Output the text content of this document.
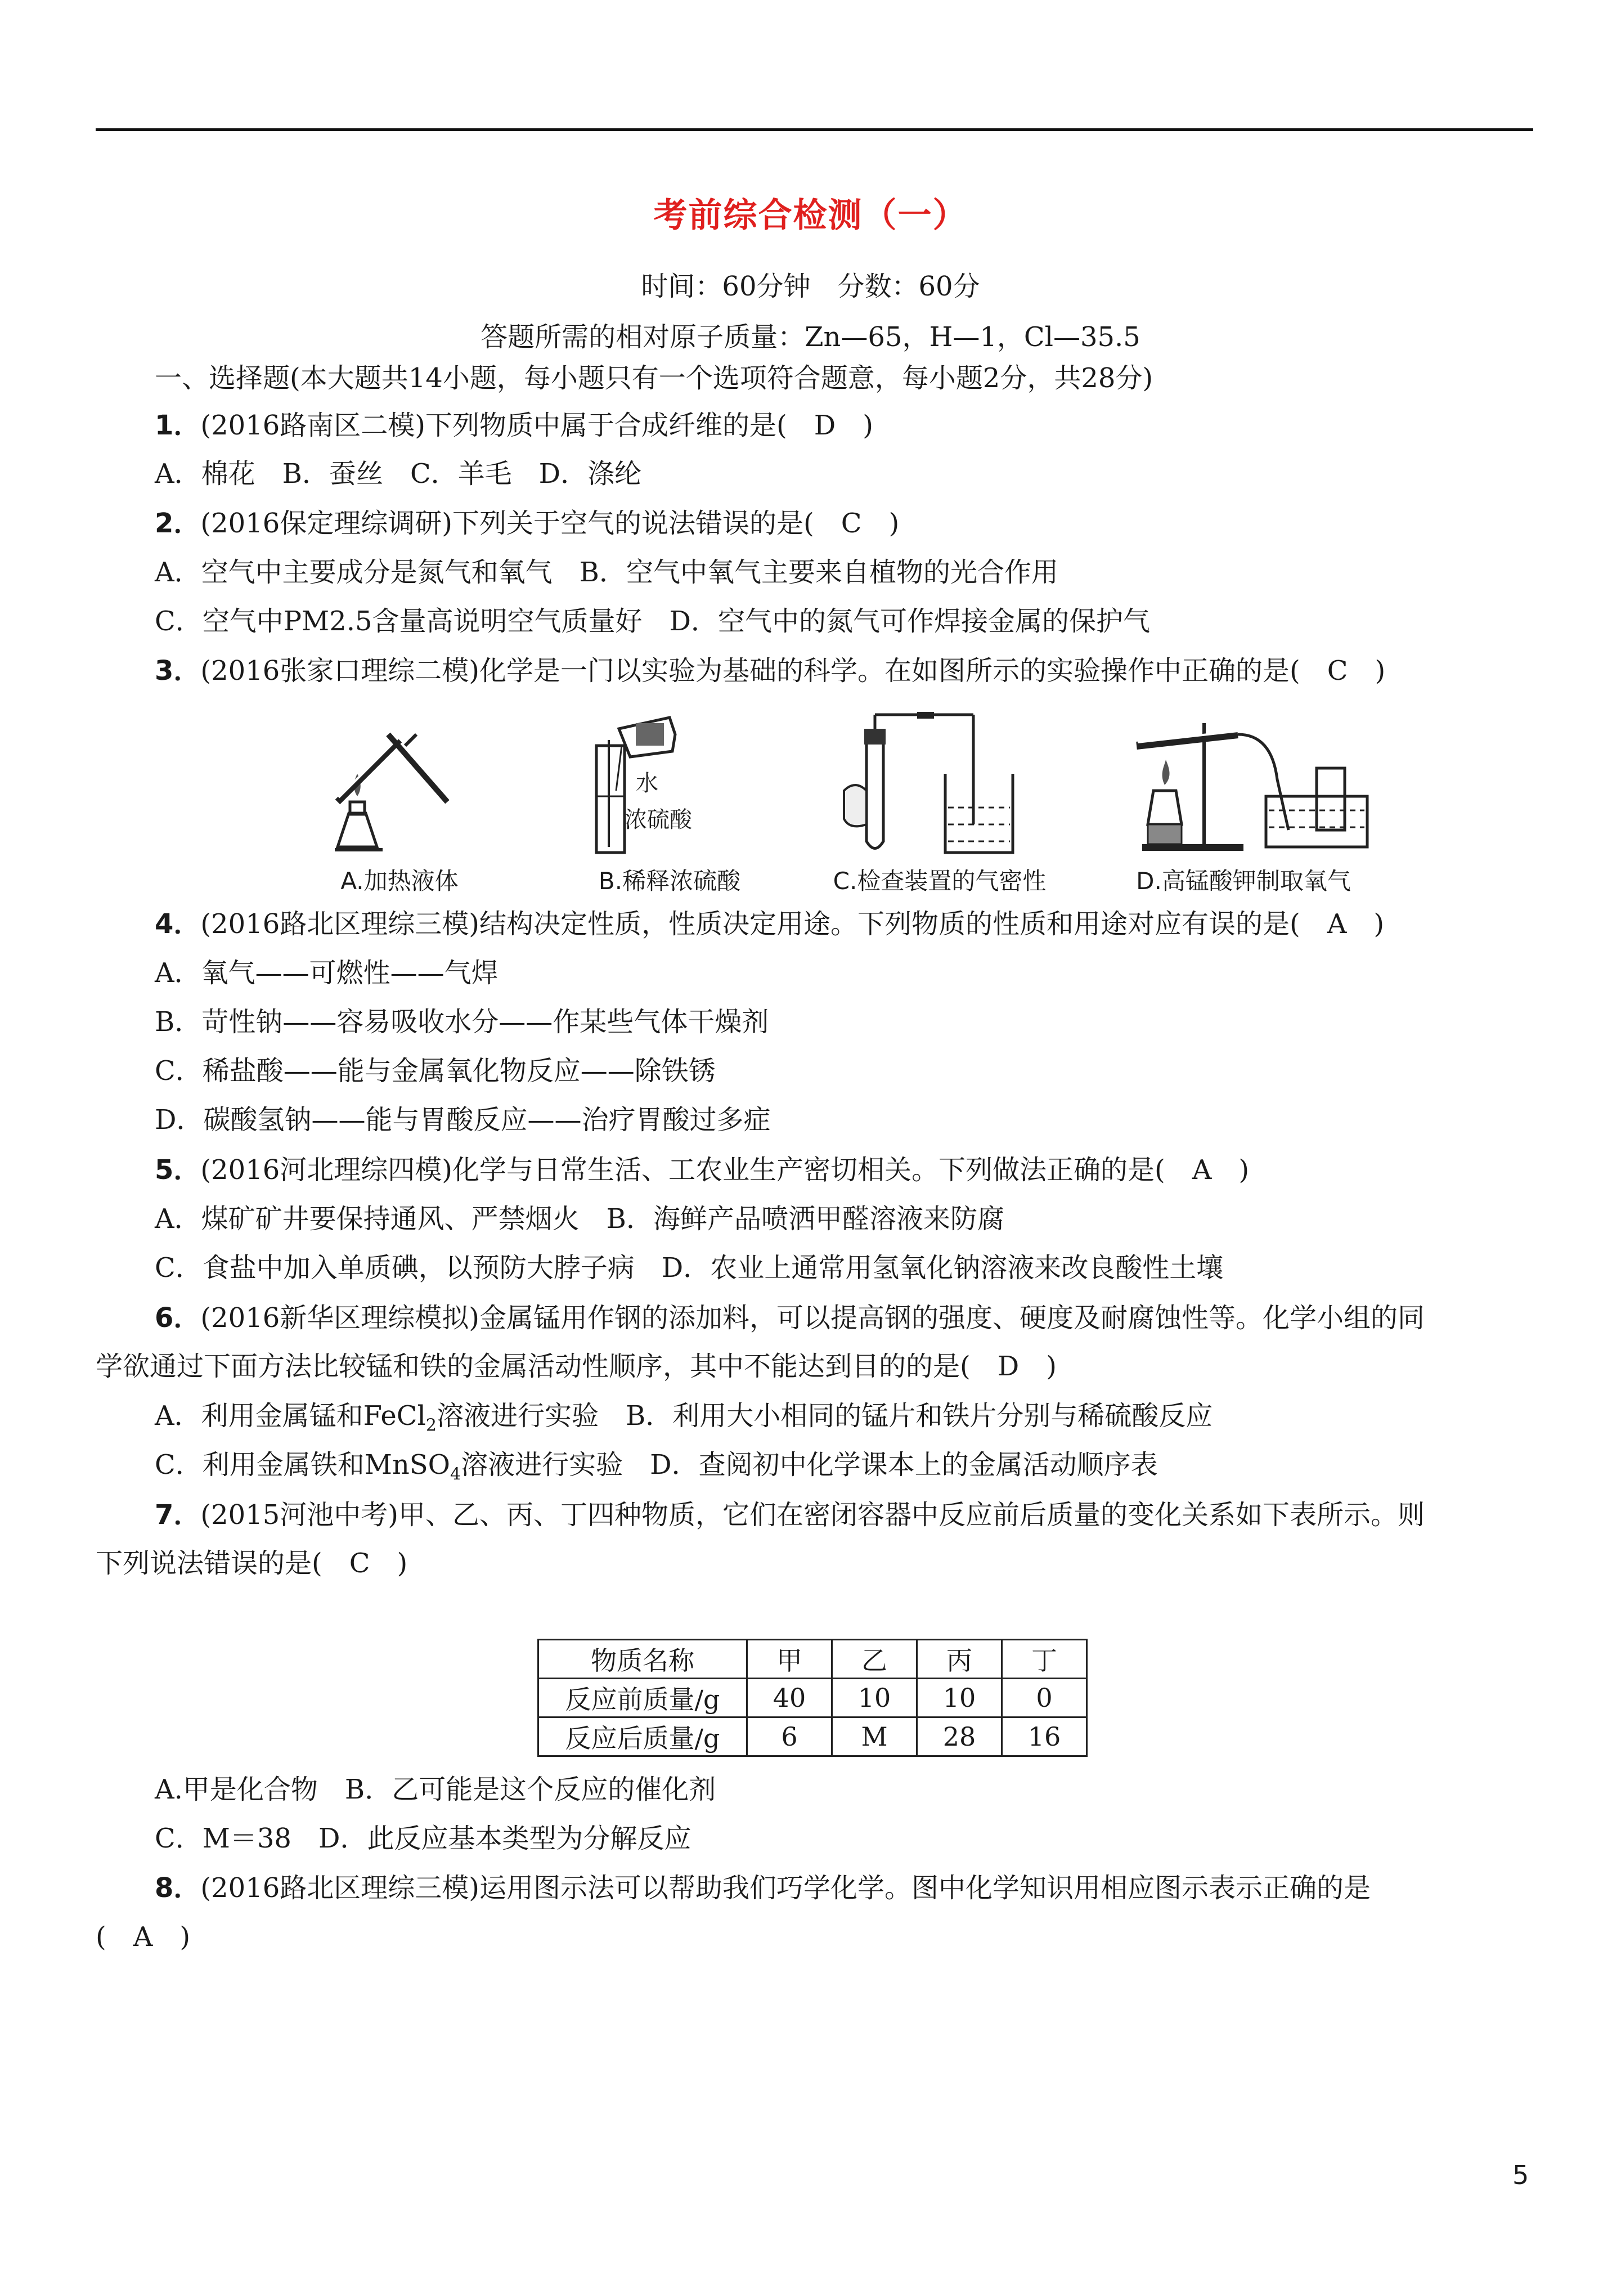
考前综合检测（一）
时间：60分钟　分数：60分
答题所需的相对原子质量：Zn—65，H—1，Cl—35.5
一、选择题(本大题共14小题，每小题只有一个选项符合题意，每小题2分，共28分)
1．(2016路南区二模)下列物质中属于合成纤维的是(　D　)
A．棉花　B．蚕丝　C．羊毛　D．涤纶
2．(2016保定理综调研)下列关于空气的说法错误的是(　C　)
A．空气中主要成分是氮气和氧气　B．空气中氧气主要来自植物的光合作用
C．空气中PM2.5含量高说明空气质量好　D．空气中的氮气可作焊接金属的保护气
3．(2016张家口理综二模)化学是一门以实验为基础的科学。在如图所示的实验操作中正确的是(　C　)
A.加热液体
水
浓硫酸
B.稀释浓硫酸	C.检查装置的气密性	D.高锰酸钾制取氧气
4．(2016路北区理综三模)结构决定性质，性质决定用途。下列物质的性质和用途对应有误的是(　A　)
A．氧气——可燃性——气焊
B．苛性钠——容易吸收水分——作某些气体干燥剂
C．稀盐酸——能与金属氧化物反应——除铁锈
D．碳酸氢钠——能与胃酸反应——治疗胃酸过多症
5．(2016河北理综四模)化学与日常生活、工农业生产密切相关。下列做法正确的是(　A　)
A．煤矿矿井要保持通风、严禁烟火　B．海鲜产品喷洒甲醛溶液来防腐
C．食盐中加入单质碘，以预防大脖子病　D．农业上通常用氢氧化钠溶液来改良酸性土壤
6．(2016新华区理综模拟)金属锰用作钢的添加料，可以提高钢的强度、硬度及耐腐蚀性等。化学小组的同
学欲通过下面方法比较锰和铁的金属活动性顺序，其中不能达到目的的是(　D　)
A．利用金属锰和FeCl$_2$溶液进行实验　B．利用大小相同的锰片和铁片分别与稀硫酸反应
C．利用金属铁和MnSO$_4$溶液进行实验　D．查阅初中化学课本上的金属活动顺序表
7．(2015河池中考)甲、乙、丙、丁四种物质，它们在密闭容器中反应前后质量的变化关系如下表所示。则
下列说法错误的是(　C　)
物质名称	甲	乙	丙	丁
反应前质量/g	40	10	10	0
反应后质量/g	6	M	28	16
A.甲是化合物　B．乙可能是这个反应的催化剂
C．M＝38　D．此反应基本类型为分解反应
8．(2016路北区理综三模)运用图示法可以帮助我们巧学化学。图中化学知识用相应图示表示正确的是
(　A　)
5
